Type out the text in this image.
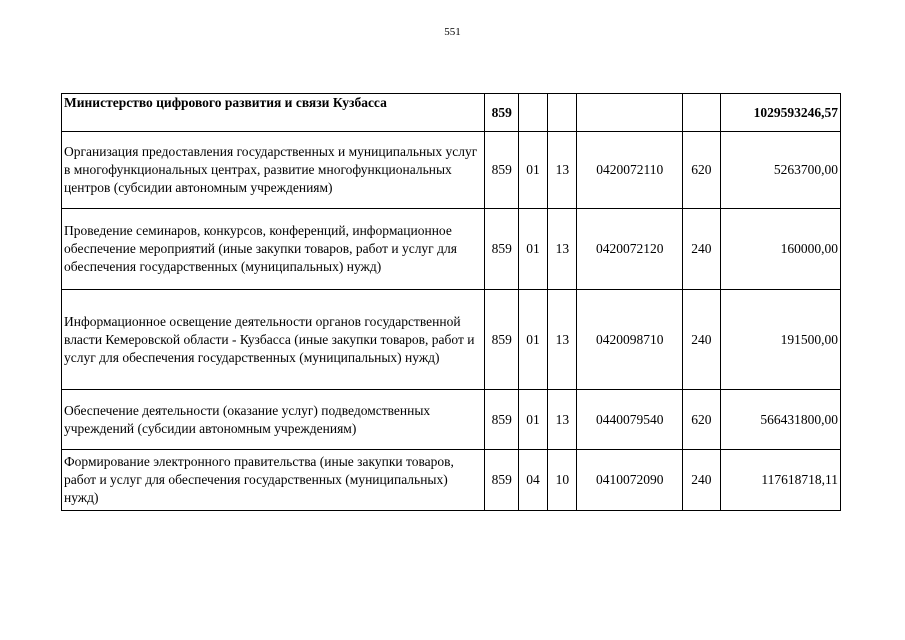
551
Министерство цифрового развития и связи Кузбасса	859					1029593246,57
Организация предоставления государственных и муниципальных услуг в многофункциональных центрах, развитие многофункциональных центров (субсидии автономным учреждениям)	859	01	13	0420072110	620	5263700,00
Проведение семинаров, конкурсов, конференций, информационное обеспечение мероприятий (иные закупки товаров, работ и услуг для обеспечения государственных (муниципальных) нужд)	859	01	13	0420072120	240	160000,00
Информационное освещение деятельности органов государственной власти Кемеровской области - Кузбасса (иные закупки товаров, работ и услуг для обеспечения государственных (муниципальных) нужд)	859	01	13	0420098710	240	191500,00
Обеспечение деятельности (оказание услуг) подведомственных учреждений (субсидии автономным учреждениям)	859	01	13	0440079540	620	566431800,00
Формирование электронного правительства (иные закупки товаров, работ и услуг для обеспечения государственных (муниципальных) нужд)	859	04	10	0410072090	240	117618718,11
